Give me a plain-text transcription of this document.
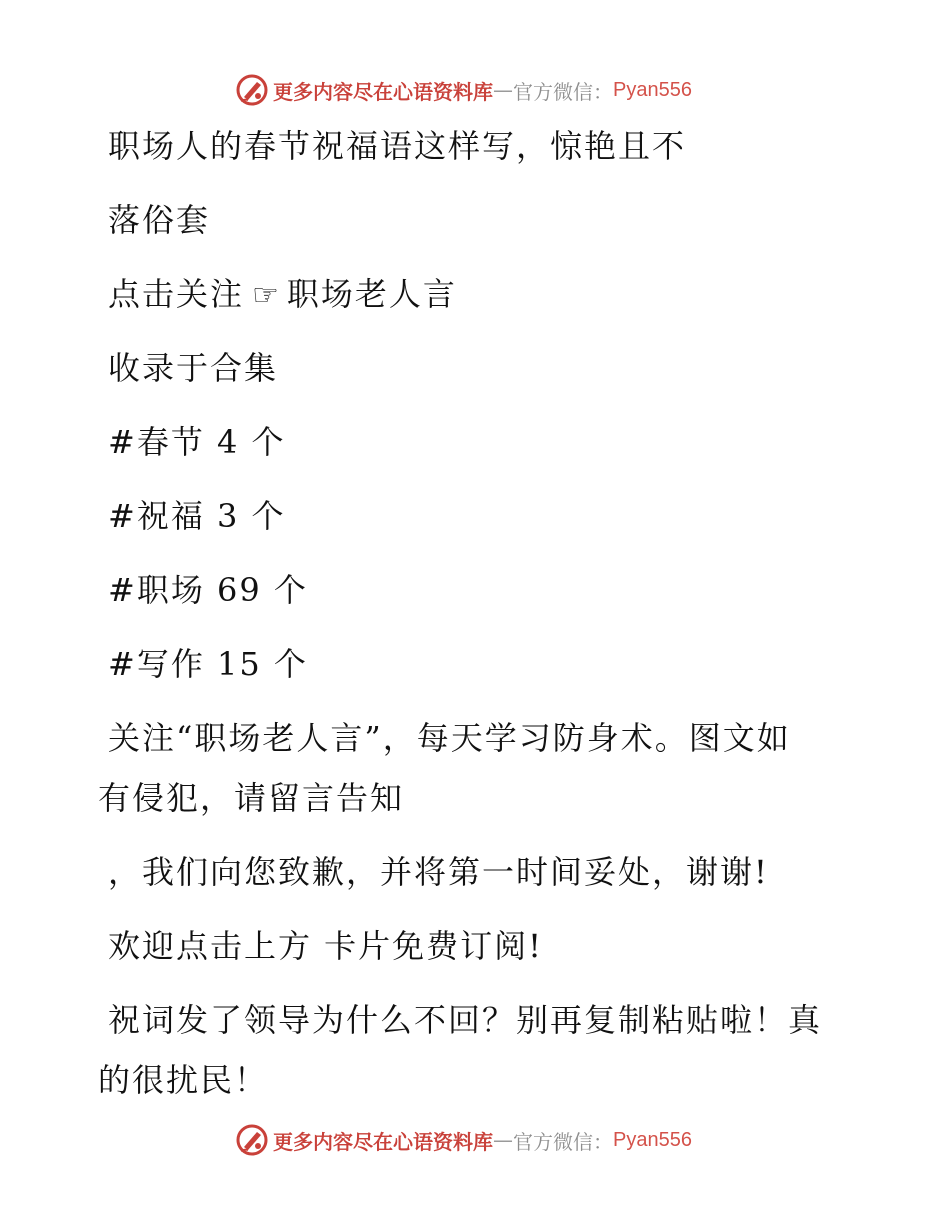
更多内容尽在心语资料库 — 官方微信： Pyan556
职场人的春节祝福语这样写，惊艳且不
落俗套
点击关注 ☞ 职场老人言
收录于合集
#春节 4 个
#祝福 3 个
#职场 69 个
#写作 15 个
关注“职场老人言”，每天学习防身术。图文如
有侵犯，请留言告知
，我们向您致歉，并将第一时间妥处，谢谢!
欢迎点击上方 卡片免费订阅!
祝词发了领导为什么不回？别再复制粘贴啦！真
的很扰民！
更多内容尽在心语资料库 — 官方微信： Pyan556
